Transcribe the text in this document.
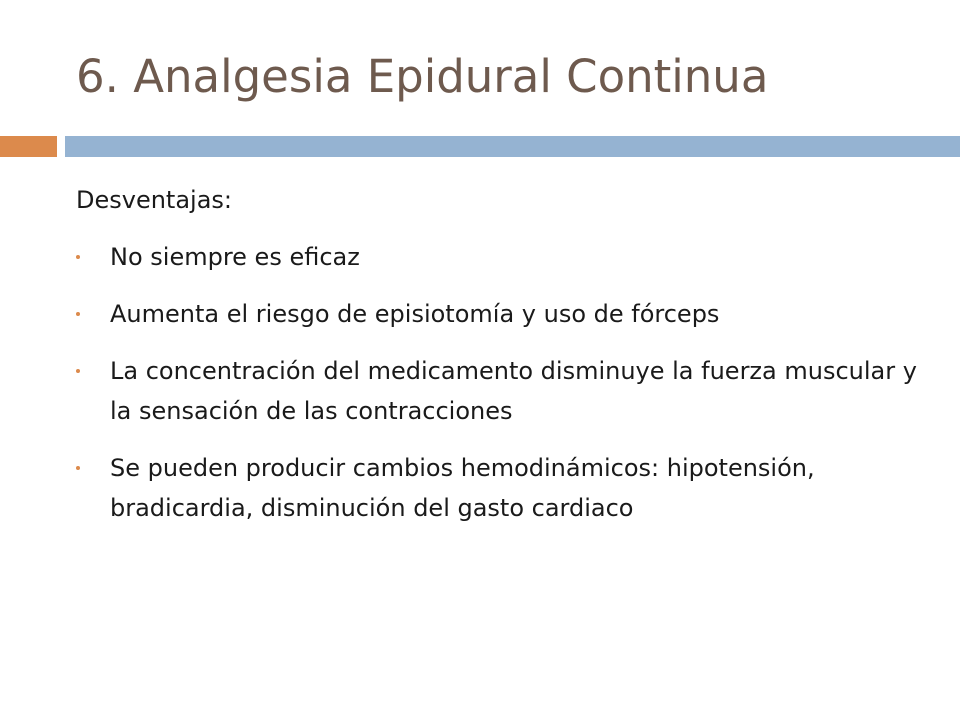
6. Analgesia Epidural Continua

Desventajas:

No siempre es eficaz
Aumenta el riesgo de episiotomía y uso de fórceps
La concentración del medicamento disminuye la fuerza muscular y la sensación de las contracciones
Se pueden producir cambios hemodinámicos: hipotensión, bradicardia, disminución del gasto cardiaco
